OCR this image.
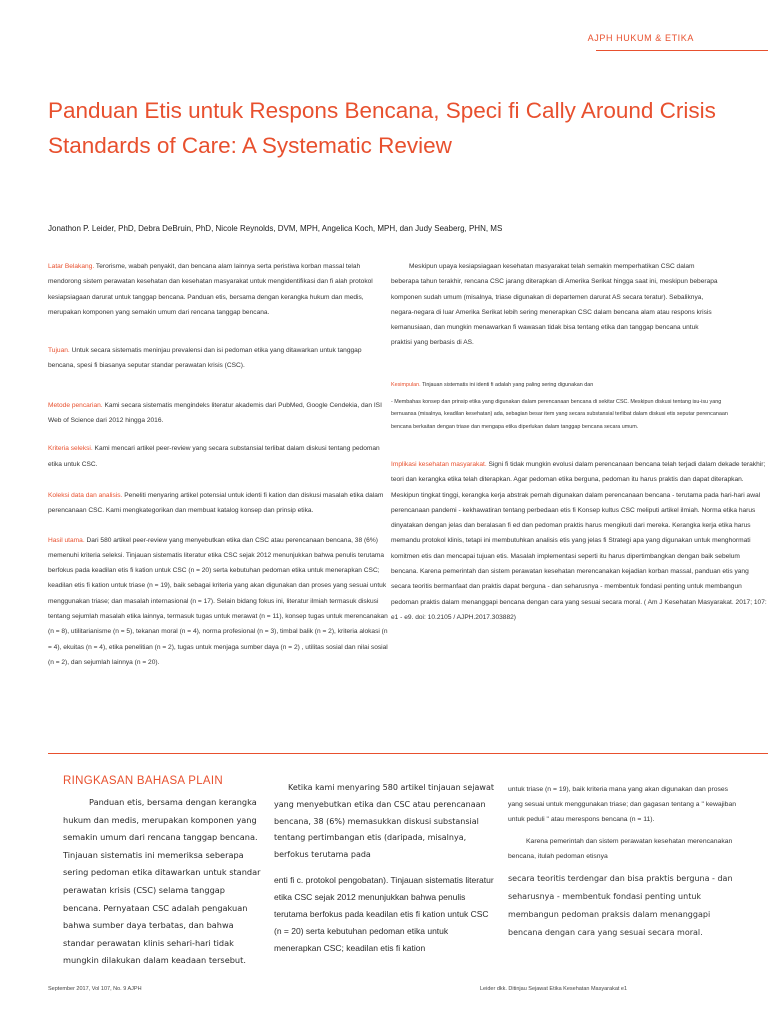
AJPH HUKUM & ETIKA
Panduan Etis untuk Respons Bencana, Speci fi Cally Around Crisis
Standards of Care: A Systematic Review
Jonathon P. Leider, PhD, Debra DeBruin, PhD, Nicole Reynolds, DVM, MPH, Angelica Koch, MPH, dan Judy Seaberg, PHN, MS

Latar Belakang. Terorisme, wabah penyakit, dan bencana alam lainnya serta peristiwa korban massal telah mendorong sistem perawatan kesehatan dan kesehatan masyarakat untuk mengidentifikasi dan fi alah protokol kesiapsiagaan darurat untuk tanggap bencana. Panduan etis, bersama dengan kerangka hukum dan medis, merupakan komponen yang semakin umum dari rencana tanggap bencana.

Tujuan. Untuk secara sistematis meninjau prevalensi dan isi pedoman etika yang ditawarkan untuk tanggap bencana, spesi fi biasanya seputar standar perawatan krisis (CSC).

Metode pencarian. Kami secara sistematis mengindeks literatur akademis dari PubMed, Google Cendekia, dan ISI Web of Science dari 2012 hingga 2016.

Kriteria seleksi. Kami mencari artikel peer-review yang secara substansial terlibat dalam diskusi tentang pedoman etika untuk CSC.

Koleksi data dan analisis. Peneliti menyaring artikel potensial untuk identi fi kation dan diskusi masalah etika dalam perencanaan CSC. Kami mengkategorikan dan membuat katalog konsep dan prinsip etika.

Hasil utama. Dari 580 artikel peer-review yang menyebutkan etika dan CSC atau perencanaan bencana, 38 (6%) memenuhi kriteria seleksi. Tinjauan sistematis literatur etika CSC sejak 2012 menunjukkan bahwa penulis terutama berfokus pada keadilan etis fi kation untuk CSC (n = 20) serta kebutuhan pedoman etika untuk menerapkan CSC; keadilan etis fi kation untuk triase (n = 19), baik sebagai kriteria yang akan digunakan dan proses yang sesuai untuk menggunakan triase; dan masalah internasional (n = 17). Selain bidang fokus ini, literatur ilmiah termasuk diskusi tentang sejumlah masalah etika lainnya, termasuk tugas untuk merawat (n = 11), konsep tugas untuk merencanakan (n = 8), utilitarianisme (n = 5), tekanan moral (n = 4), norma profesional (n = 3), timbal balik (n = 2), kriteria alokasi (n = 4), ekuitas (n = 4), etika penelitian (n = 2), tugas untuk menjaga sumber daya (n = 2) , utilitas sosial dan nilai sosial (n = 2), dan sejumlah lainnya (n = 20).

Meskipun upaya kesiapsiagaan kesehatan masyarakat telah semakin memperhatikan CSC dalam beberapa tahun terakhir, rencana CSC jarang diterapkan di Amerika Serikat hingga saat ini, meskipun beberapa komponen sudah umum (misalnya, triase digunakan di departemen darurat AS secara teratur). Sebaliknya, negara-negara di luar Amerika Serikat lebih sering menerapkan CSC dalam bencana alam atau respons krisis kemanusiaan, dan mungkin menawarkan fi wawasan tidak bisa tentang etika dan tanggap bencana untuk praktisi yang berbasis di AS.

Kesimpulan. Tinjauan sistematis ini identi fi adalah yang paling sering digunakan dan

- Membahas konsep dan prinsip etika yang digunakan dalam perencanaan bencana di sekitar CSC. Meskipun diskusi tentang isu-isu yang bernuansa (misalnya, keadilan kesehatan) ada, sebagian besar item yang secara substansial terlibat dalam diskusi etis seputar perencanaan bencana berkaitan dengan triase dan mengapa etika diperlukan dalam tanggap bencana secara umum.

Implikasi kesehatan masyarakat. Signi fi tidak mungkin evolusi dalam perencanaan bencana telah terjadi dalam dekade terakhir; teori dan kerangka etika telah diterapkan. Agar pedoman etika berguna, pedoman itu harus praktis dan dapat diterapkan. Meskipun tingkat tinggi, kerangka kerja abstrak pernah digunakan dalam perencanaan bencana - terutama pada hari-hari awal perencanaan pandemi - kekhawatiran tentang perbedaan etis fi Konsep kultus CSC meliputi artikel ilmiah. Norma etika harus dinyatakan dengan jelas dan beralasan fi ed dan pedoman praktis harus mengikuti dari mereka. Kerangka kerja etika harus memandu protokol klinis, tetapi ini membutuhkan analisis etis yang jelas fi Strategi apa yang digunakan untuk menghormati komitmen etis dan mencapai tujuan etis. Masalah implementasi seperti itu harus dipertimbangkan dengan baik sebelum bencana. Karena pemerintah dan sistem perawatan kesehatan merencanakan kejadian korban massal, panduan etis yang secara teoritis bermanfaat dan praktis dapat berguna - dan seharusnya - membentuk fondasi penting untuk membangun pedoman praktis dalam menanggapi bencana dengan cara yang sesuai secara moral. ( Am J Kesehatan Masyarakat. 2017; 107: e1 - e9. doi: 10.2105 / AJPH.2017.303882)

RINGKASAN BAHASA PLAIN

Panduan etis, bersama dengan kerangka hukum dan medis, merupakan komponen yang semakin umum dari rencana tanggap bencana. Tinjauan sistematis ini memeriksa seberapa sering pedoman etika ditawarkan untuk standar perawatan krisis (CSC) selama tanggap bencana. Pernyataan CSC adalah pengakuan bahwa sumber daya terbatas, dan bahwa standar perawatan klinis sehari-hari tidak mungkin dilakukan dalam keadaan tersebut.

Ketika kami menyaring 580 artikel tinjauan sejawat yang menyebutkan etika dan CSC atau perencanaan bencana, 38 (6%) memasukkan diskusi substansial tentang pertimbangan etis (daripada, misalnya, berfokus terutama pada

enti fi c. protokol pengobatan). Tinjauan sistematis literatur etika CSC sejak 2012 menunjukkan bahwa penulis terutama berfokus pada keadilan etis fi kation untuk CSC (n = 20) serta kebutuhan pedoman etika untuk menerapkan CSC; keadilan etis fi kation

untuk triase (n = 19), baik kriteria mana yang akan digunakan dan proses yang sesuai untuk menggunakan triase; dan gagasan tentang a " kewajiban untuk peduli " atau merespons bencana (n = 11).

Karena pemerintah dan sistem perawatan kesehatan merencanakan bencana, itulah pedoman etisnya

secara teoritis terdengar dan bisa praktis berguna - dan seharusnya - membentuk fondasi penting untuk membangun pedoman praksis dalam menanggapi bencana dengan cara yang sesuai secara moral.

September 2017, Vol 107, No. 9 AJPH	Leider dkk. Ditinjau Sejawat Etika Kesehatan Masyarakat e1
